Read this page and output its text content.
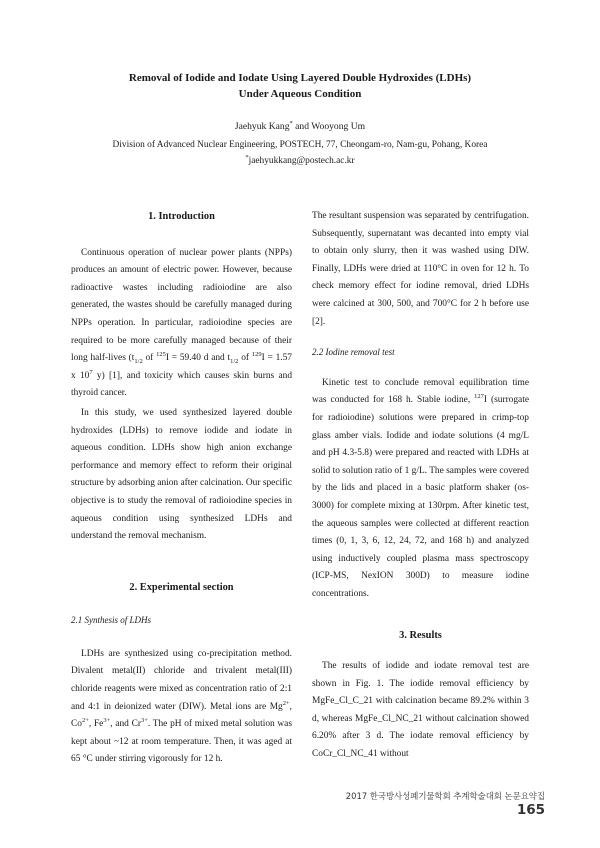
Removal of Iodide and Iodate Using Layered Double Hydroxides (LDHs)
Under Aqueous Condition
Jaehyuk Kang* and Wooyong Um
Division of Advanced Nuclear Engineering, POSTECH, 77, Cheongam-ro, Nam-gu, Pohang, Korea
*jaehyukkang@postech.ac.kr
1. Introduction

Continuous operation of nuclear power plants (NPPs) produces an amount of electric power. However, because radioactive wastes including radioiodine are also generated, the wastes should be carefully managed during NPPs operation. In particular, radioiodine species are required to be more carefully managed because of their long half-lives ($t_{1/2}$ of $^{125}$I = 59.40 d and $t_{1/2}$ of $^{129}$I = 1.57 x $10^7$ y) [1], and toxicity which causes skin burns and thyroid cancer.

In this study, we used synthesized layered double hydroxides (LDHs) to remove iodide and iodate in aqueous condition. LDHs show high anion exchange performance and memory effect to reform their original structure by adsorbing anion after calcination. Our specific objective is to study the removal of radioiodine species in aqueous condition using synthesized LDHs and understand the removal mechanism.

2. Experimental section
2.1 Synthesis of LDHs

LDHs are synthesized using co-precipitation method. Divalent metal(II) chloride and trivalent metal(III) chloride reagents were mixed as concentration ratio of 2:1 and 4:1 in deionized water (DIW). Metal ions are $Mg^{2+}$, $Co^{2+}$, $Fe^{3+}$, and $Cr^{3+}$. The pH of mixed metal solution was kept about ~12 at room temperature. Then, it was aged at 65 °C under stirring vigorously for 12 h.

The resultant suspension was separated by centrifugation. Subsequently, supernatant was decanted into empty vial to obtain only slurry, then it was washed using DIW. Finally, LDHs were dried at 110°C in oven for 12 h. To check memory effect for iodine removal, dried LDHs were calcined at 300, 500, and 700°C for 2 h before use [2].

2.2 Iodine removal test

Kinetic test to conclude removal equilibration time was conducted for 168 h. Stable iodine, $^{127}$I (surrogate for radioiodine) solutions were prepared in crimp-top glass amber vials. Iodide and iodate solutions (4 mg/L and pH 4.3-5.8) were prepared and reacted with LDHs at solid to solution ratio of 1 g/L. The samples were covered by the lids and placed in a basic platform shaker (os-3000) for complete mixing at 130rpm. After kinetic test, the aqueous samples were collected at different reaction times (0, 1, 3, 6, 12, 24, 72, and 168 h) and analyzed using inductively coupled plasma mass spectroscopy (ICP-MS, NexION 300D) to measure iodine concentrations.

3. Results

The results of iodide and iodate removal test are shown in Fig. 1. The iodide removal efficiency by MgFe_Cl_C_21 with calcination became 89.2% within 3 d, whereas MgFe_Cl_NC_21 without calcination showed 6.20% after 3 d. The iodate removal efficiency by CoCr_Cl_NC_41 without

2017 한국방사성폐기물학회 추계학술대회 논문요약집165
